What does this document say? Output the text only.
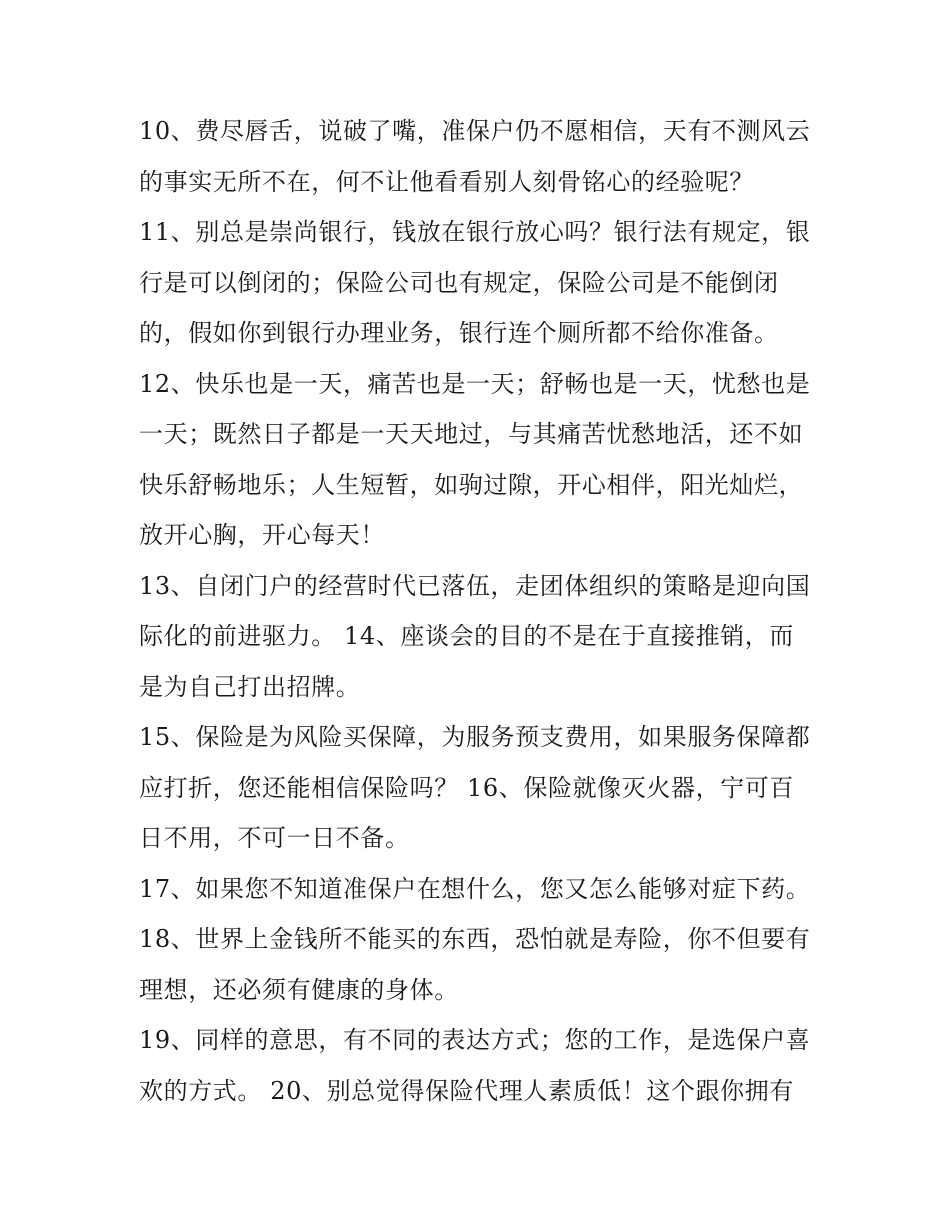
10、费尽唇舌，说破了嘴，准保户仍不愿相信，天有不测风云
的事实无所不在，何不让他看看别人刻骨铭心的经验呢？
11、别总是崇尚银行，钱放在银行放心吗？银行法有规定，银
行是可以倒闭的；保险公司也有规定，保险公司是不能倒闭
的，假如你到银行办理业务，银行连个厕所都不给你准备。
12、快乐也是一天，痛苦也是一天；舒畅也是一天，忧愁也是
一天；既然日子都是一天天地过，与其痛苦忧愁地活，还不如
快乐舒畅地乐；人生短暂，如驹过隙，开心相伴，阳光灿烂，
放开心胸，开心每天！
13、自闭门户的经营时代已落伍，走团体组织的策略是迎向国
际化的前进驱力。 14、座谈会的目的不是在于直接推销，而
是为自己打出招牌。
15、保险是为风险买保障，为服务预支费用，如果服务保障都
应打折，您还能相信保险吗？ 16、保险就像灭火器，宁可百
日不用，不可一日不备。
17、如果您不知道准保户在想什么，您又怎么能够对症下药。
18、世界上金钱所不能买的东西，恐怕就是寿险，你不但要有
理想，还必须有健康的身体。
19、同样的意思，有不同的表达方式；您的工作，是选保户喜
欢的方式。 20、别总觉得保险代理人素质低！这个跟你拥有
